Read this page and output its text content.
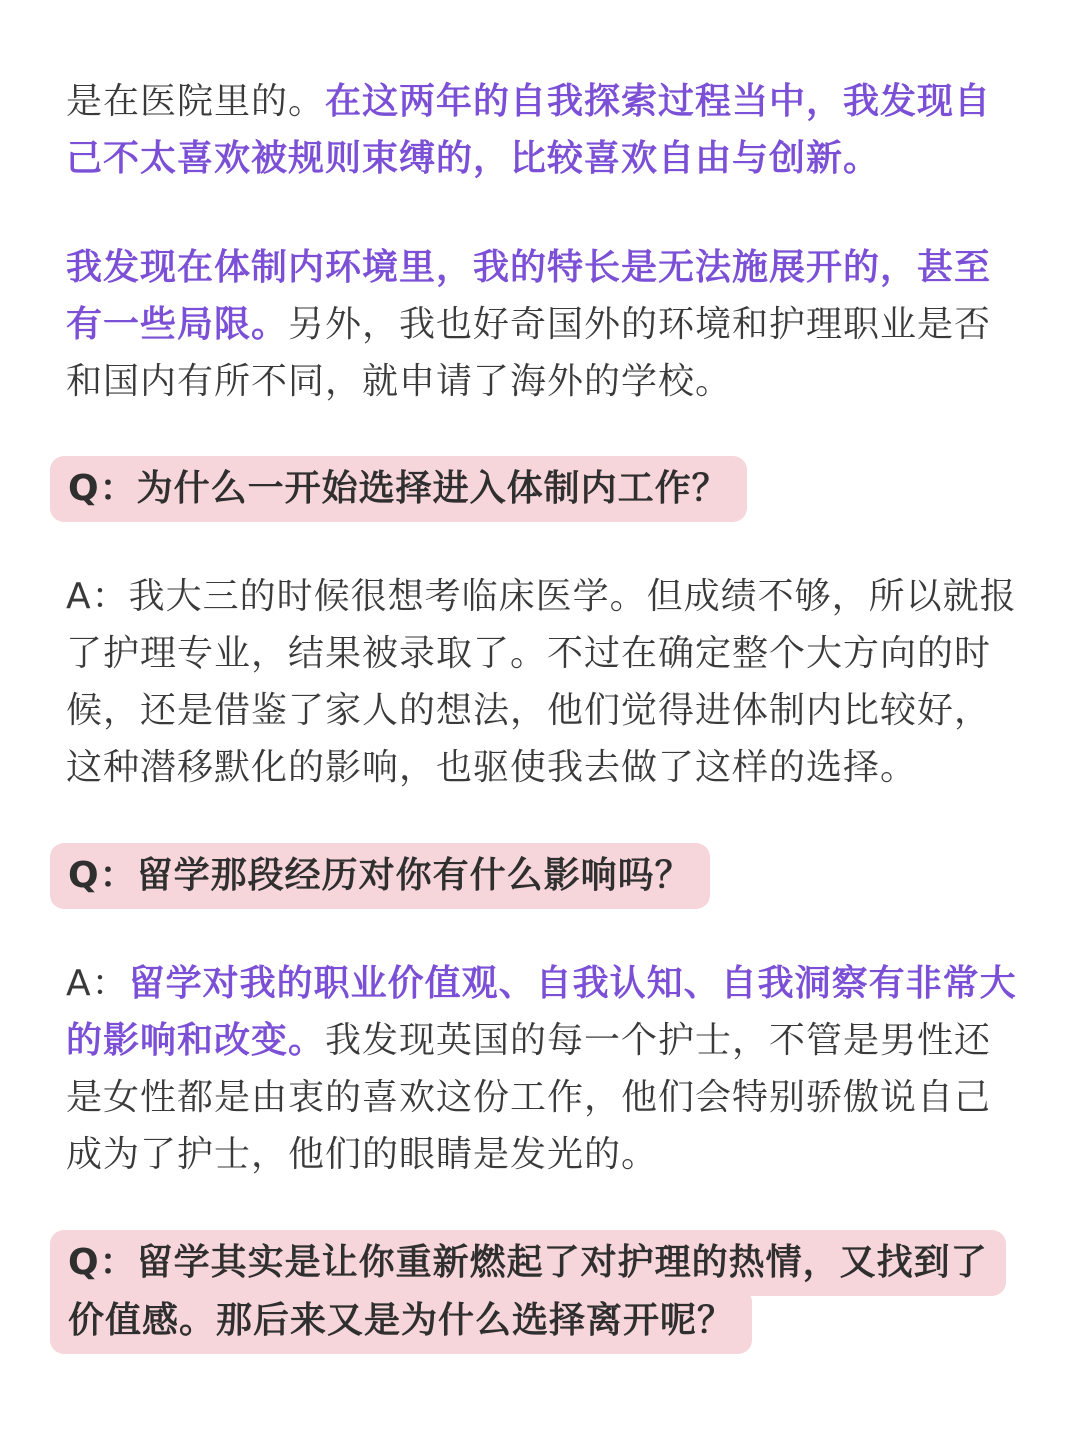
是在医院里的。在这两年的自我探索过程当中，我发现自己不太喜欢被规则束缚的，比较喜欢自由与创新。

我发现在体制内环境里，我的特长是无法施展开的，甚至有一些局限。另外，我也好奇国外的环境和护理职业是否和国内有所不同，就申请了海外的学校。

Q：为什么一开始选择进入体制内工作？

A：我大三的时候很想考临床医学。但成绩不够，所以就报了护理专业，结果被录取了。不过在确定整个大方向的时候，还是借鉴了家人的想法，他们觉得进体制内比较好，这种潜移默化的影响，也驱使我去做了这样的选择。

Q：留学那段经历对你有什么影响吗？

A：留学对我的职业价值观、自我认知、自我洞察有非常大的影响和改变。我发现英国的每一个护士，不管是男性还是女性都是由衷的喜欢这份工作，他们会特别骄傲说自己成为了护士，他们的眼睛是发光的。

Q：留学其实是让你重新燃起了对护理的热情，又找到了
价值感。那后来又是为什么选择离开呢？
